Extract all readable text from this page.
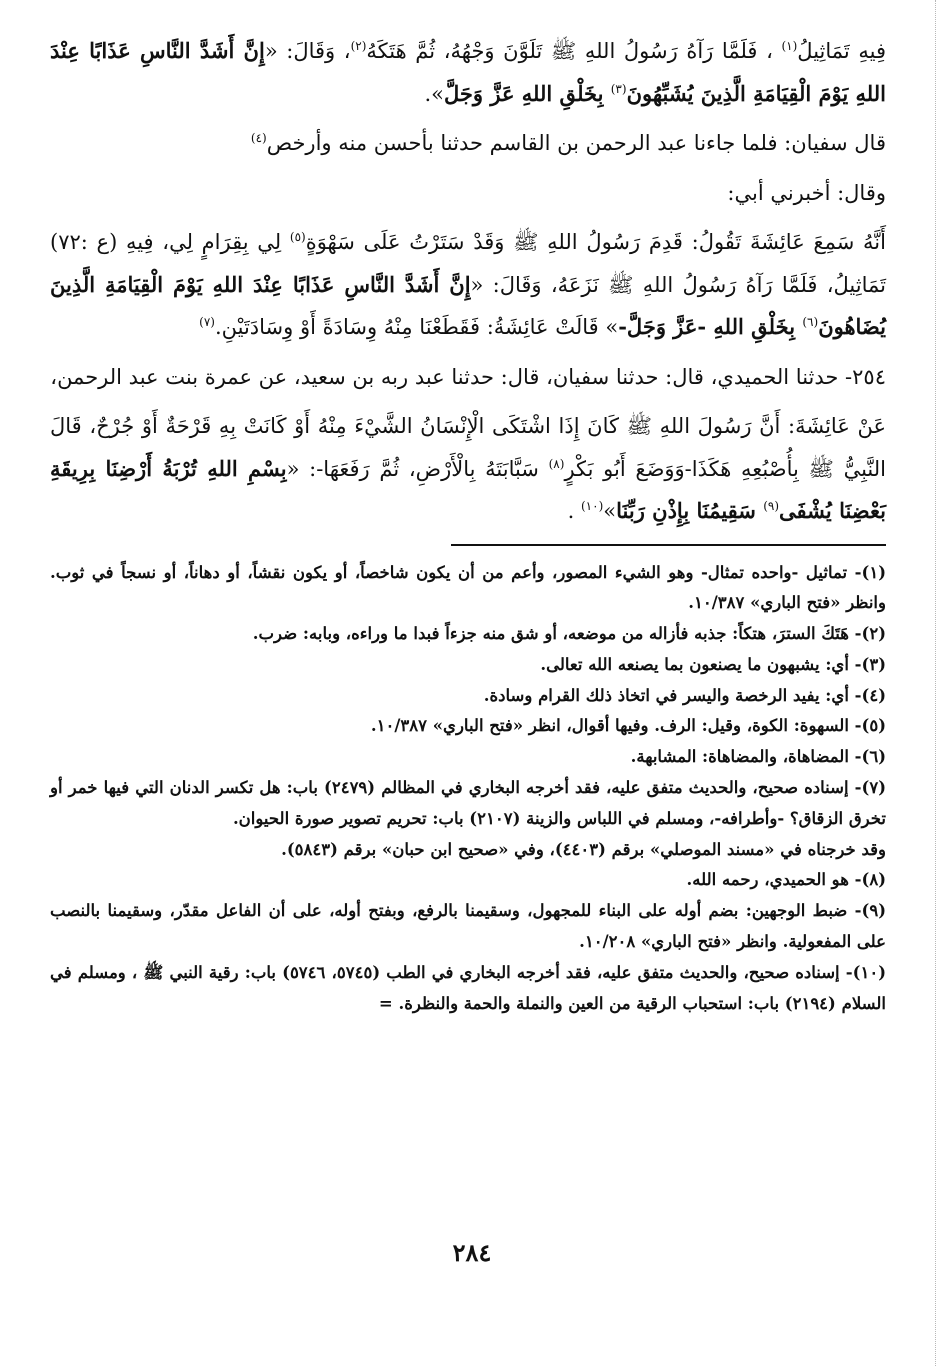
فِيهِ تَمَاثِيلُ$^{(١)}$ ، فَلَمَّا رَآهُ رَسُولُ اللهِ ﷺ تَلَوَّنَ وَجْهُهُ، ثُمَّ هَتَكَهُ$^{(٢)}$، وَقَالَ: «إِنَّ أَشَدَّ النَّاسِ عَذَابًا عِنْدَ اللهِ يَوْمَ الْقِيَامَةِ الَّذِينَ يُشَبِّهُونَ$^{(٣)}$ بِخَلْقِ اللهِ عَزَّ وَجَلَّ».

قال سفيان: فلما جاءنا عبد الرحمن بن القاسم حدثنا بأحسن منه وأرخص$^{(٤)}$

وقال: أخبرني أبي:

أَنَّهُ سَمِعَ عَائِشَةَ تَقُولُ: قَدِمَ رَسُولُ اللهِ ﷺ وَقَدْ سَتَرْتُ عَلَى سَهْوَةٍ$^{(٥)}$ لِي بِقِرَامٍ لِي، فِيهِ (ع :٧٢) تَمَاثِيلُ، فَلَمَّا رَآهُ رَسُولُ اللهِ ﷺ نَزَعَهُ، وَقَالَ: «إِنَّ أَشَدَّ النَّاسِ عَذَابًا عِنْدَ اللهِ يَوْمَ الْقِيَامَةِ الَّذِينَ يُضَاهُونَ$^{(٦)}$ بِخَلْقِ اللهِ -عَزَّ وَجَلَّ-» قَالَتْ عَائِشَةُ: فَقَطَعْنَا مِنْهُ وِسَادَةً أَوْ وِسَادَتَيْنِ.$^{(٧)}$

٢٥٤- حدثنا الحميدي، قال: حدثنا سفيان، قال: حدثنا عبد ربه بن سعيد، عن عمرة بنت عبد الرحمن،

عَنْ عَائِشَةَ: أَنَّ رَسُولَ اللهِ ﷺ كَانَ إِذَا اشْتَكَى الْإِنْسَانُ الشَّيْءَ مِنْهُ أَوْ كَانَتْ بِهِ قَرْحَةٌ أَوْ جُرْحٌ، قَالَ النَّبِيُّ ﷺ بِأُصْبُعِهِ هَكَذَا-وَوَضَعَ أَبُو بَكْرٍ$^{(٨)}$ سَبَّابَتَهُ بِالْأَرْضِ، ثُمَّ رَفَعَهَا-: «بِسْمِ اللهِ تُرْبَةُ أَرْضِنَا بِرِيقَةِ بَعْضِنَا يُشْفَى$^{(٩)}$ سَقِيمُنَا بِإِذْنِ رَبِّنَا»$^{(١٠)}$ .

(١)- تماثيل -واحده تمثال- وهو الشيء المصور، وأعم من أن يكون شاخصاً، أو يكون نقشاً، أو دهاناً، أو نسجاً في ثوب. وانظر «فتح الباري» ١٠/٣٨٧.

(٢)- هَتَكَ السترَ، هتكاً: جذبه فأزاله من موضعه، أو شق منه جزءاً فبدا ما وراءه، وبابه: ضرب.

(٣)- أي: يشبهون ما يصنعون بما يصنعه الله تعالى.

(٤)- أي: يفيد الرخصة واليسر في اتخاذ ذلك القرام وسادة.

(٥)- السهوة: الكوة، وقيل: الرف. وفيها أقوال، انظر «فتح الباري» ١٠/٣٨٧.

(٦)- المضاهاة، والمضاهاة: المشابهة.

(٧)- إسناده صحيح، والحديث متفق عليه، فقد أخرجه البخاري في المظالم (٢٤٧٩) باب: هل تكسر الدنان التي فيها خمر أو تخرق الزقاق؟ -وأطرافه-، ومسلم في اللباس والزينة (٢١٠٧) باب: تحريم تصوير صورة الحيوان.

وقد خرجناه في «مسند الموصلي» برقم (٤٤٠٣)، وفي «صحيح ابن حبان» برقم (٥٨٤٣).

(٨)- هو الحميدي، رحمه الله.

(٩)- ضبط الوجهين: بضم أوله على البناء للمجهول، وسقيمنا بالرفع، وبفتح أوله، على أن الفاعل مقدّر، وسقيمنا بالنصب على المفعولية. وانظر «فتح الباري» ١٠/٢٠٨.

(١٠)- إسناده صحيح، والحديث متفق عليه، فقد أخرجه البخاري في الطب (٥٧٤٥، ٥٧٤٦) باب: رقية النبي ﷺ ، ومسلم في السلام (٢١٩٤) باب: استحباب الرقية من العين والنملة والحمة والنظرة. =

٢٨٤
